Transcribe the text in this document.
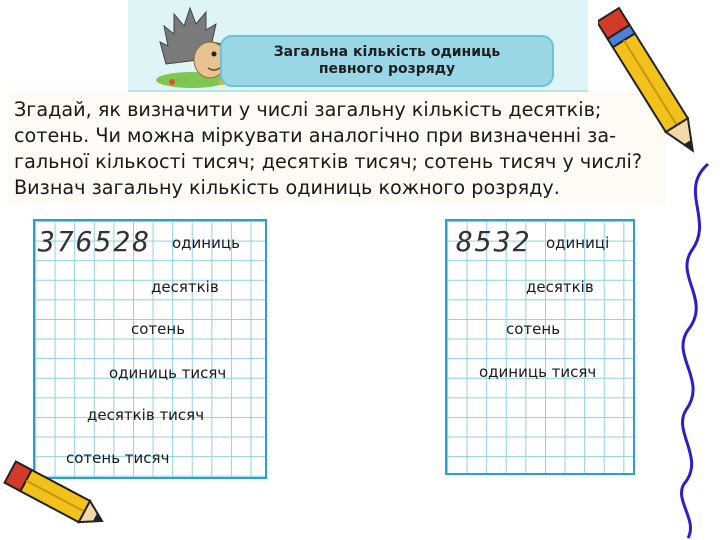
Загальна кількість одиниць
певного розряду
Згадай, як визначити у числі загальну кількість десятків;
сотень. Чи можна міркувати аналогічно при визначенні за-
гальної кількості тисяч; десятків тисяч; сотень тисяч у числі?
Визнач загальну кількість одиниць кожного розряду.
376528 одиниць
десятків
сотень
одиниць тисяч
десятків тисяч
сотень тисяч
8532 одиниці
десятків
сотень
одиниць тисяч
